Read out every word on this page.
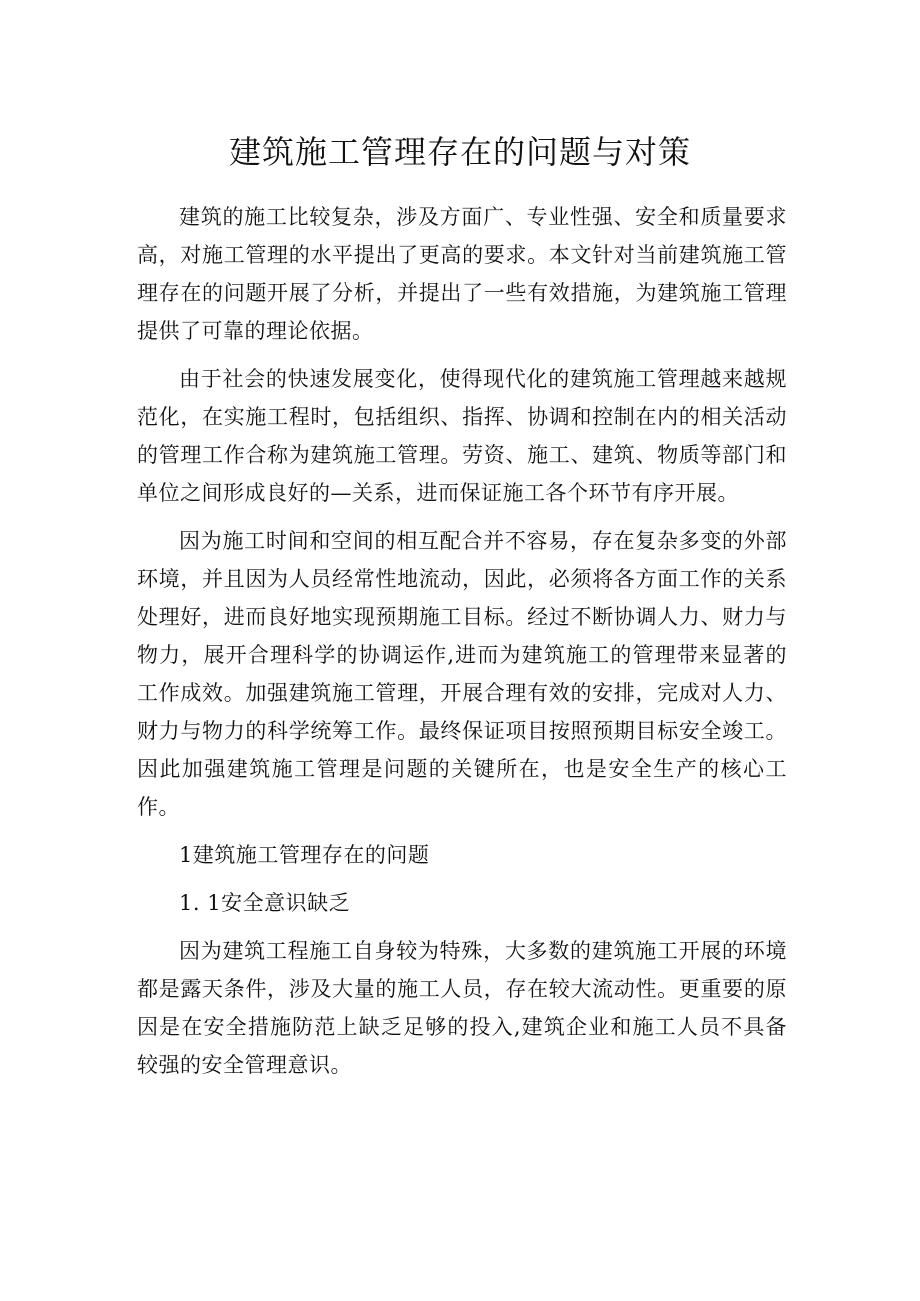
建筑施工管理存在的问题与对策

建筑的施工比较复杂，涉及方面广、专业性强、安全和质量要求高，对施工管理的水平提出了更高的要求。本文针对当前建筑施工管理存在的问题开展了分析，并提出了一些有效措施，为建筑施工管理提供了可靠的理论依据。

由于社会的快速发展变化，使得现代化的建筑施工管理越来越规范化，在实施工程时，包括组织、指挥、协调和控制在内的相关活动的管理工作合称为建筑施工管理。劳资、施工、建筑、物质等部门和单位之间形成良好的—关系，进而保证施工各个环节有序开展。

因为施工时间和空间的相互配合并不容易，存在复杂多变的外部环境，并且因为人员经常性地流动，因此，必须将各方面工作的关系处理好，进而良好地实现预期施工目标。经过不断协调人力、财力与物力，展开合理科学的协调运作,进而为建筑施工的管理带来显著的工作成效。加强建筑施工管理，开展合理有效的安排，完成对人力、财力与物力的科学统筹工作。最终保证项目按照预期目标安全竣工。因此加强建筑施工管理是问题的关键所在，也是安全生产的核心工作。

1建筑施工管理存在的问题

1. 1安全意识缺乏

因为建筑工程施工自身较为特殊，大多数的建筑施工开展的环境都是露天条件，涉及大量的施工人员，存在较大流动性。更重要的原因是在安全措施防范上缺乏足够的投入,建筑企业和施工人员不具备较强的安全管理意识。
